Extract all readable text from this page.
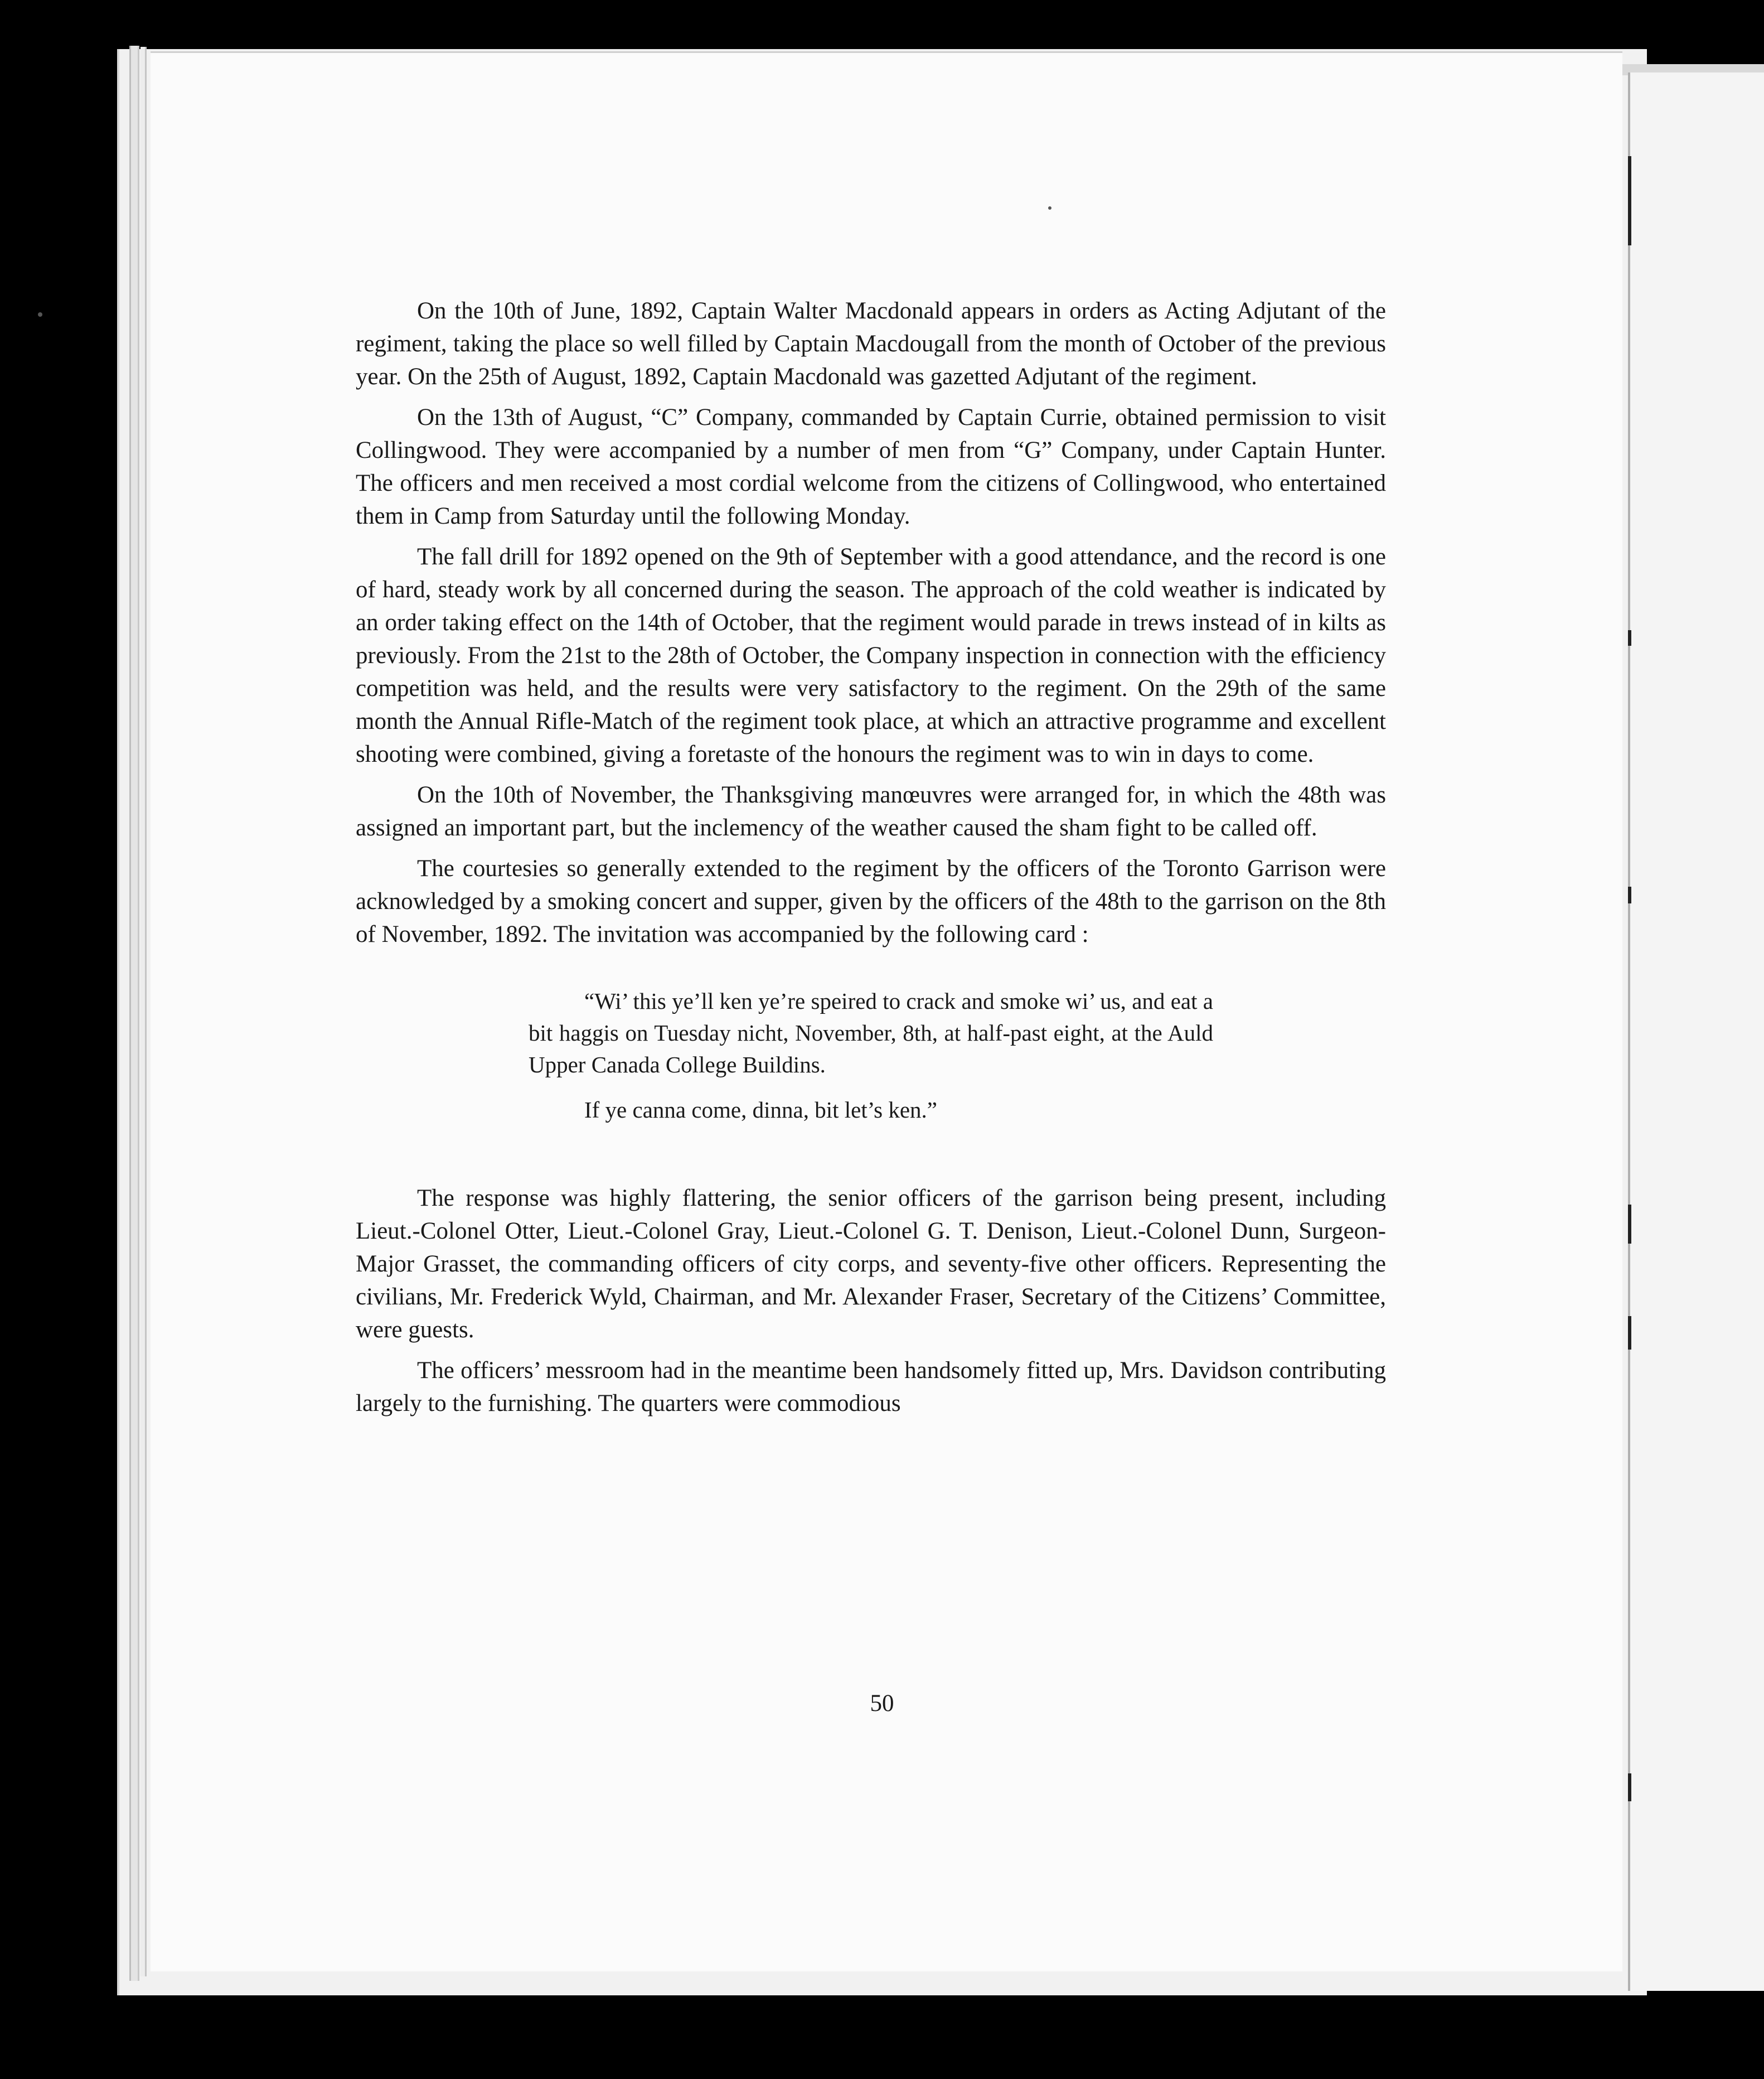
On the 10th of June, 1892, Captain Walter Macdonald appears in orders as Acting Adjutant of the regiment, taking the place so well filled by Captain Macdougall from the month of October of the previous year. On the 25th of August, 1892, Captain Macdonald was gazetted Adjutant of the regiment.

On the 13th of August, “C” Company, commanded by Captain Currie, obtained permission to visit Collingwood. They were accompanied by a number of men from “G” Company, under Captain Hunter. The officers and men received a most cordial welcome from the citizens of Collingwood, who entertained them in Camp from Saturday until the following Monday.

The fall drill for 1892 opened on the 9th of September with a good attendance, and the record is one of hard, steady work by all concerned during the season. The approach of the cold weather is indicated by an order taking effect on the 14th of October, that the regiment would parade in trews instead of in kilts as previously. From the 21st to the 28th of October, the Company inspection in connection with the efficiency competition was held, and the results were very satisfactory to the regiment. On the 29th of the same month the Annual Rifle-Match of the regiment took place, at which an attractive programme and excellent shooting were combined, giving a foretaste of the honours the regiment was to win in days to come.

On the 10th of November, the Thanksgiving manœuvres were arranged for, in which the 48th was assigned an important part, but the inclemency of the weather caused the sham fight to be called off.

The courtesies so generally extended to the regiment by the officers of the Toronto Garrison were acknowledged by a smoking concert and supper, given by the officers of the 48th to the garrison on the 8th of November, 1892. The invitation was accompanied by the following card :

“Wi’ this ye’ll ken ye’re speired to crack and smoke wi’ us, and eat a bit haggis on Tuesday nicht, November, 8th, at half-past eight, at the Auld Upper Canada College Buildins.

If ye canna come, dinna, bit let’s ken.”

The response was highly flattering, the senior officers of the garrison being present, including Lieut.-Colonel Otter, Lieut.-Colonel Gray, Lieut.-Colonel G. T. Denison, Lieut.-Colonel Dunn, Surgeon-Major Grasset, the commanding officers of city corps, and seventy-five other officers. Representing the civilians, Mr. Frederick Wyld, Chairman, and Mr. Alexander Fraser, Secretary of the Citizens’ Committee, were guests.

The officers’ messroom had in the meantime been handsomely fitted up, Mrs. Davidson contributing largely to the furnishing. The quarters were commodious

50
